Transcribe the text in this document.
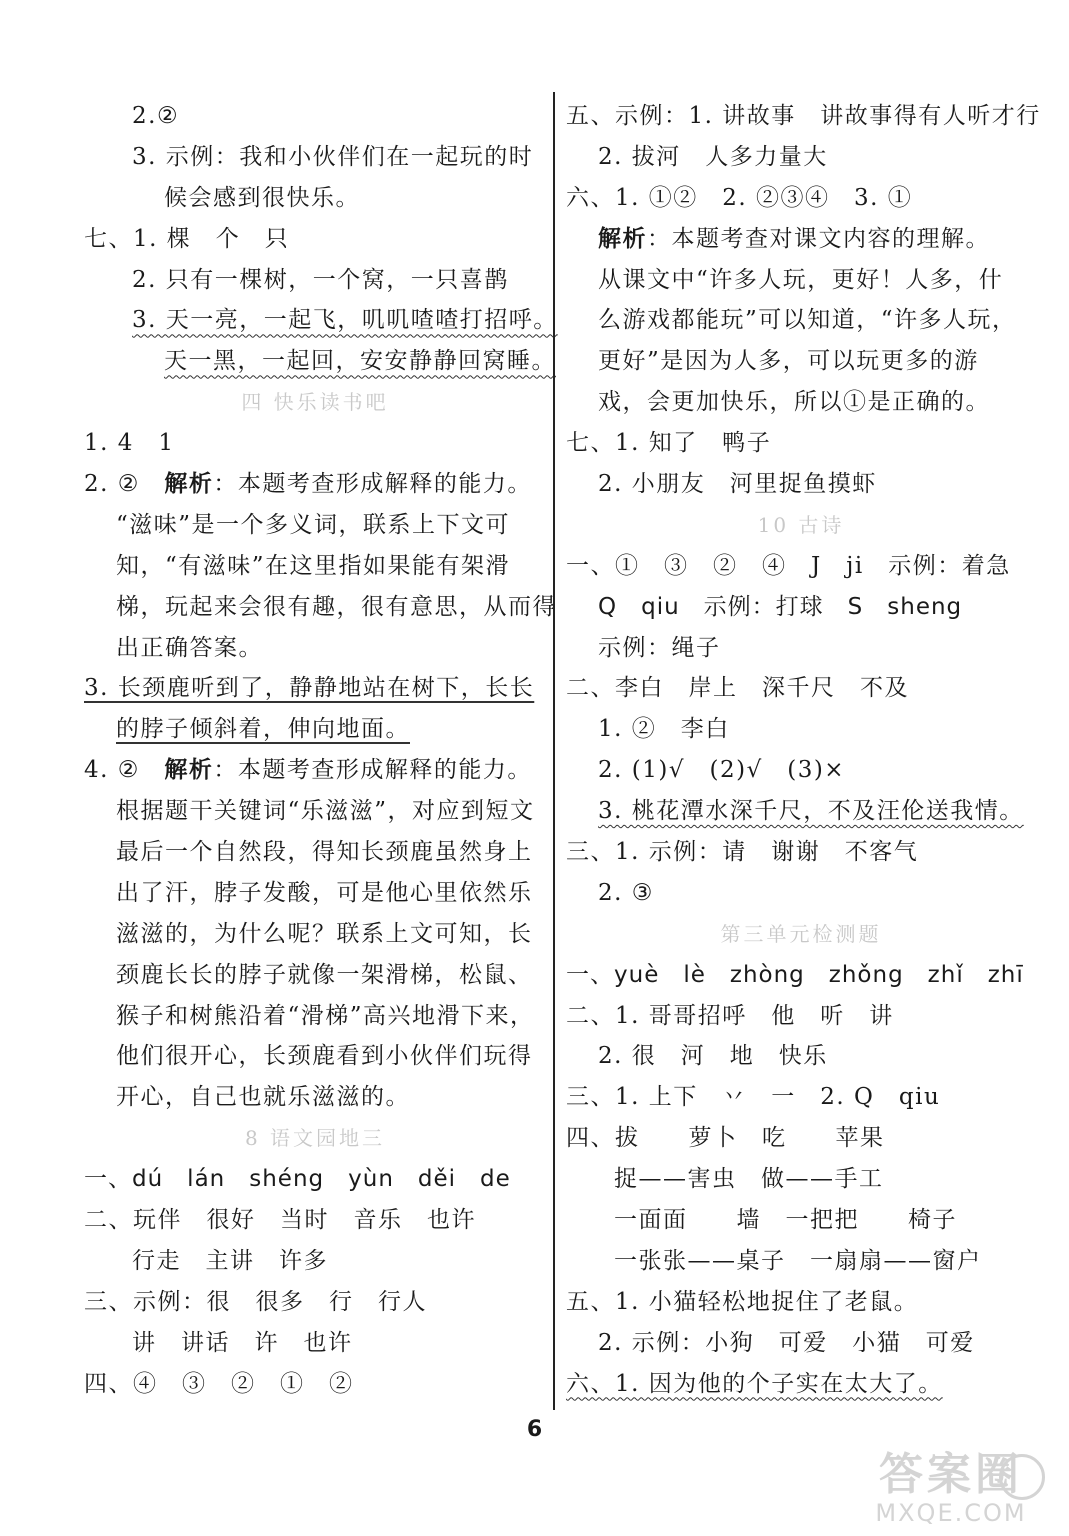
2.②
3. 示例：我和小伙伴们在一起玩的时
候会感到很快乐。
七、1. 棵　个　只
2. 只有一棵树，一个窝，一只喜鹊
3. 天一亮，一起飞，叽叽喳喳打招呼。
天一黑，一起回，安安静静回窝睡。
四 快乐读书吧
1. 4　1
2. ②　解析：本题考查形成解释的能力。
“滋味”是一个多义词，联系上下文可
知，“有滋味”在这里指如果能有架滑
梯，玩起来会很有趣，很有意思，从而得
出正确答案。
3. 长颈鹿听到了，静静地站在树下，长长
的脖子倾斜着，伸向地面。
4. ②　解析：本题考查形成解释的能力。
根据题干关键词“乐滋滋”，对应到短文
最后一个自然段，得知长颈鹿虽然身上
出了汗，脖子发酸，可是他心里依然乐
滋滋的，为什么呢？联系上文可知，长
颈鹿长长的脖子就像一架滑梯，松鼠、
猴子和树熊沿着“滑梯”高兴地滑下来，
他们很开心，长颈鹿看到小伙伴们玩得
开心，自己也就乐滋滋的。
8 语文园地三
一、dú　lán　shéng　yùn　děi　de
二、玩伴　很好　当时　音乐　也许
行走　主讲　许多
三、示例：很　很多　行　行人
讲　讲话　许　也许
四、④　③　②　①　②
五、示例：1. 讲故事　讲故事得有人听才行
2. 拔河　人多力量大
六、1. ①②　2. ②③④　3. ①
解析：本题考查对课文内容的理解。
从课文中“许多人玩，更好！人多，什
么游戏都能玩”可以知道，“许多人玩，
更好”是因为人多，可以玩更多的游
戏，会更加快乐，所以①是正确的。
七、1. 知了　鸭子
2. 小朋友　河里捉鱼摸虾
10 古诗
一、①　③　②　④　J　ji　示例：着急
Q　qiu　示例：打球　S　sheng
示例：绳子
二、李白　岸上　深千尺　不及
1. ②　李白
2. (1)√　(2)√　(3)×
3. 桃花潭水深千尺，不及汪伦送我情。
三、1. 示例：请　谢谢　不客气
2. ③
第三单元检测题
一、yuè　lè　zhòng　zhǒng　zhǐ　zhī
二、1. 哥哥招呼　他　听　讲
2. 很　河　地　快乐
三、1. 上下　丷　一　2. Q　qiu
四、拔　　萝卜　吃　　苹果
捉——害虫　做——手工
一面面　　墙　一把把　　椅子
一张张——桌子　一扇扇——窗户
五、1. 小猫轻松地捉住了老鼠。
2. 示例：小狗　可爱　小猫　可爱
六、1. 因为他的个子实在太大了。
6
答案圈
MXQE.COM
